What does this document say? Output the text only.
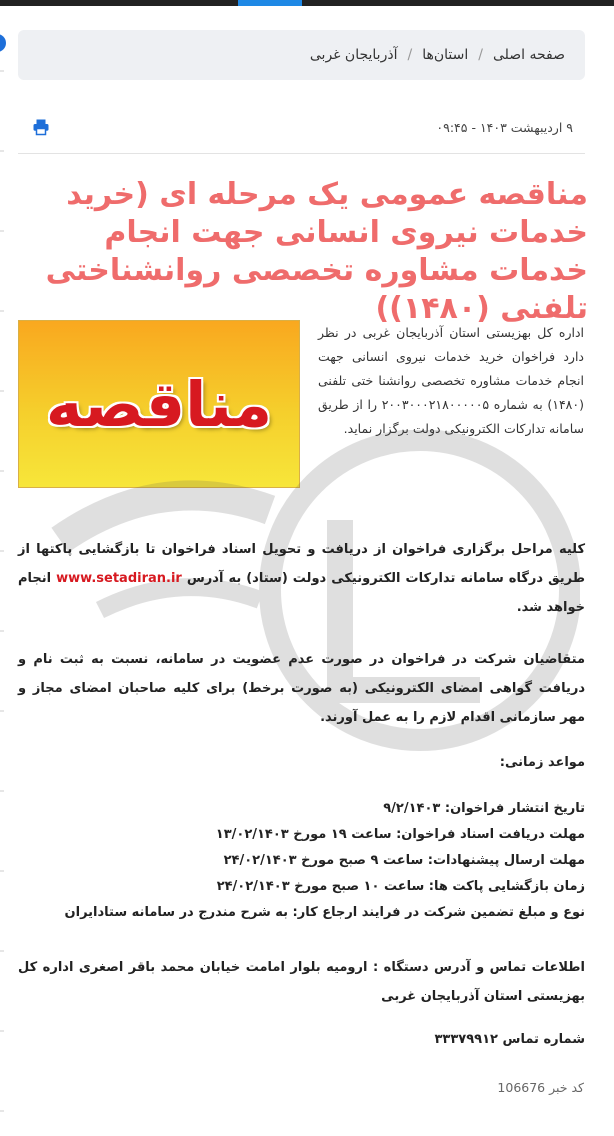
صفحه اصلی
/
استان‌ها
/
آذربایجان غربی
۹ اردیبهشت ۱۴۰۳ - ۰۹:۴۵
مناقصه عمومی یک مرحله ای (خرید خدمات نیروی انسانی جهت انجام خدمات مشاوره تخصصی روانشناختی تلفنی (۱۴۸۰))
مناقصه

اداره کل بهزیستی استان آذربایجان غربی در نظر دارد فراخوان خرید خدمات نیروی انسانی جهت انجام خدمات مشاوره تخصصی روانشنا ختی تلفنی (۱۴۸۰) به شماره ۲۰۰۳۰۰۰۲۱۸۰۰۰۰۰۵ را از طریق سامانه تدارکات الکترونیکی دولت برگزار نماید.

کلیه مراحل برگزاری فراخوان از دریافت و تحویل اسناد فراخوان تا بازگشایی پاکتها از طریق درگاه سامانه تدارکات الکترونیکی دولت (ستاد) به آدرس www.setadiran.ir انجام خواهد شد.

متقاضیان شرکت در فراخوان در صورت عدم عضویت در سامانه، نسبت به ثبت نام و دریافت گواهی امضای الکترونیکی (به صورت برخط) برای کلیه صاحبان امضای مجاز و مهر سازمانی اقدام لازم را به عمل آورند.

مواعد زمانی:
تاریخ انتشار فراخوان: ۹/۲/۱۴۰۳
مهلت دریافت اسناد فراخوان: ساعت ۱۹ مورخ ۱۳/۰۲/۱۴۰۳
مهلت ارسال پیشنهادات: ساعت ۹ صبح مورخ ۲۴/۰۲/۱۴۰۳
زمان بازگشایی پاکت ها: ساعت ۱۰ صبح مورخ ۲۴/۰۲/۱۴۰۳
نوع و مبلغ تضمین شرکت در فرایند ارجاع کار: به شرح مندرج در سامانه ستادایران

اطلاعات تماس و آدرس دستگاه : ارومیه بلوار امامت خیابان محمد باقر اصغری اداره کل بهزیستی استان آذربایجان غربی

شماره تماس ۳۳۳۷۹۹۱۲
کد خبر 106676
